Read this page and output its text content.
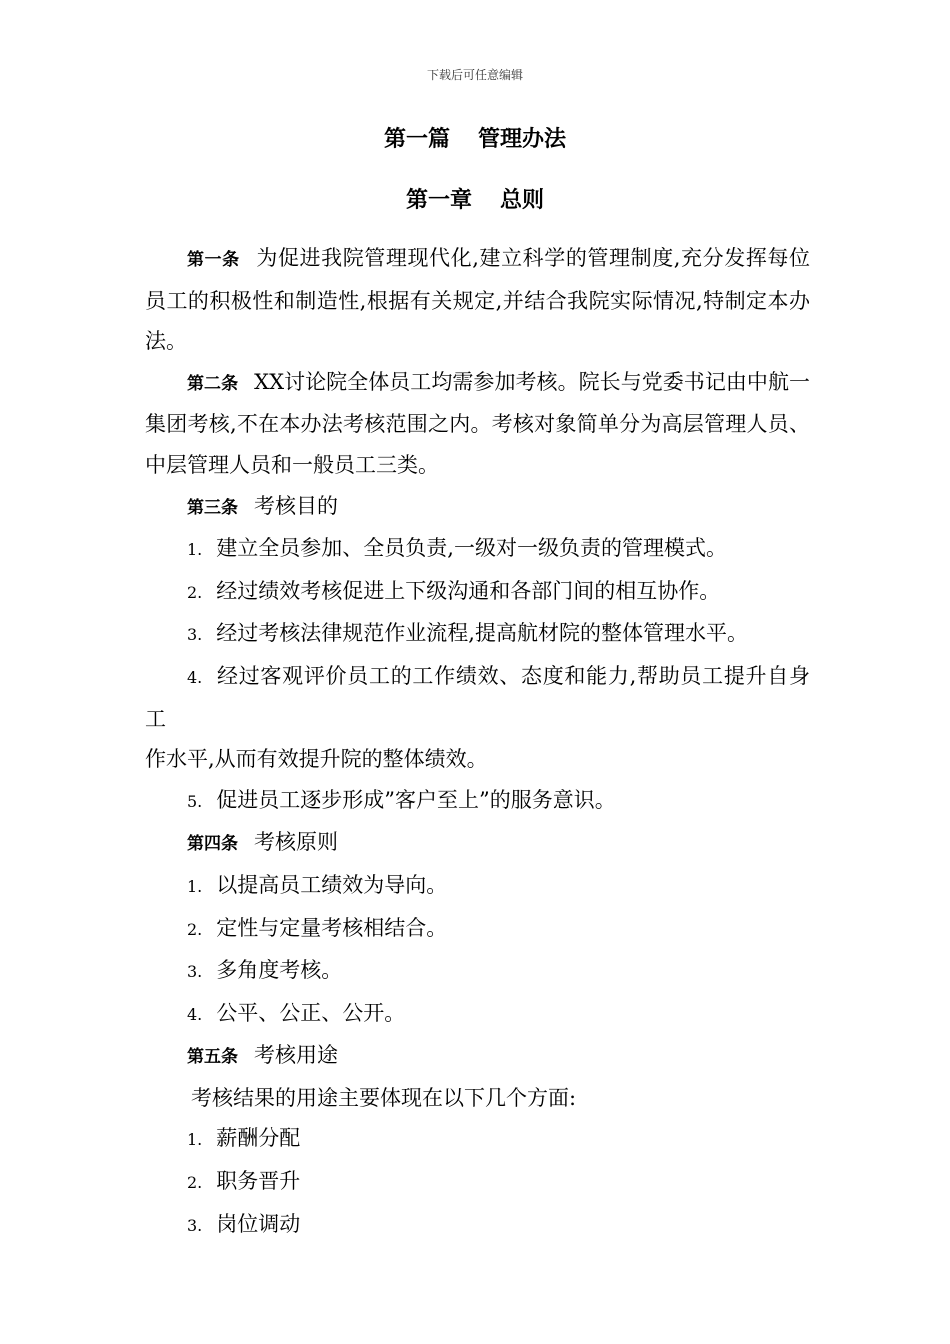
下载后可任意编辑
第一篇 管理办法
第一章 总则

第一条 为促进我院管理现代化,建立科学的管理制度,充分发挥每位员工的积极性和制造性,根据有关规定,并结合我院实际情况,特制定本办法。

第二条 XX讨论院全体员工均需参加考核。院长与党委书记由中航一集团考核,不在本办法考核范围之内。考核对象简单分为高层管理人员、中层管理人员和一般员工三类。

第三条 考核目的

1. 建立全员参加、全员负责,一级对一级负责的管理模式。

2. 经过绩效考核促进上下级沟通和各部门间的相互协作。

3. 经过考核法律规范作业流程,提高航材院的整体管理水平。

4. 经过客观评价员工的工作绩效、态度和能力,帮助员工提升自身工

作水平,从而有效提升院的整体绩效。

5. 促进员工逐步形成”客户至上”的服务意识。

第四条 考核原则

1. 以提高员工绩效为导向。

2. 定性与定量考核相结合。

3. 多角度考核。

4. 公平、公正、公开。

第五条 考核用途

考核结果的用途主要体现在以下几个方面:

1. 薪酬分配

2. 职务晋升

3. 岗位调动
